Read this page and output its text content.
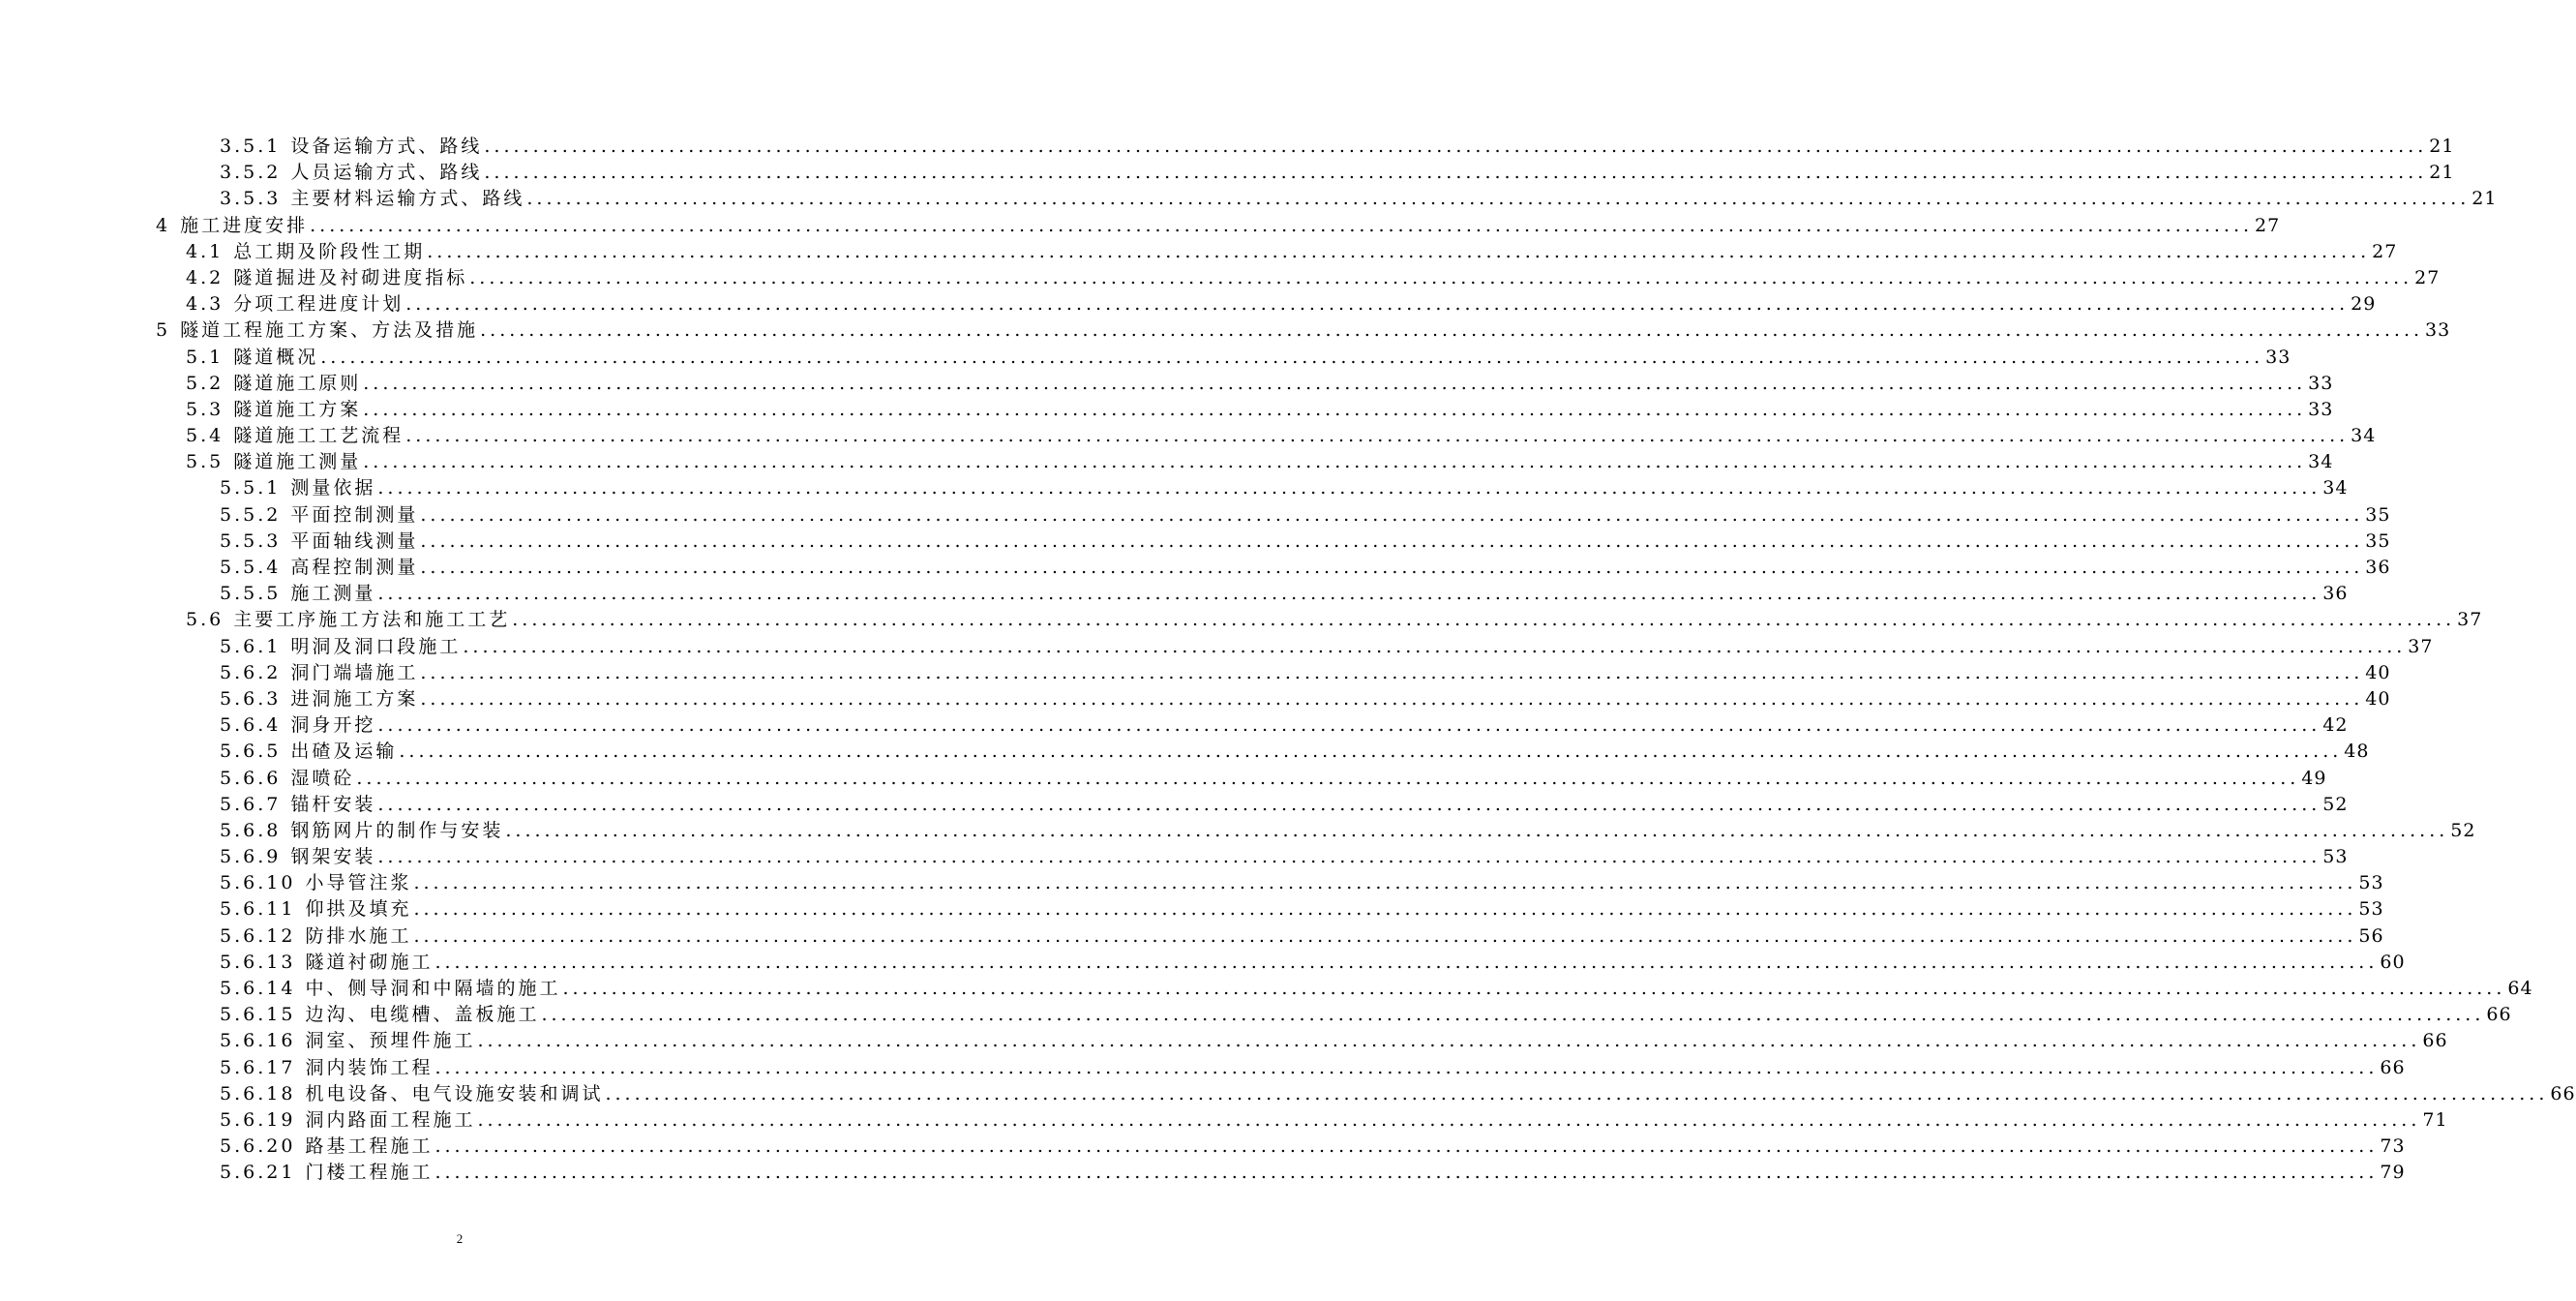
3.5.1 设备运输方式、路线 ........................................................................................................................................................................................................ 21
3.5.2 人员运输方式、路线 ........................................................................................................................................................................................................ 21
3.5.3 主要材料运输方式、路线 ........................................................................................................................................................................................................ 21
4 施工进度安排 ........................................................................................................................................................................................................ 27
4.1 总工期及阶段性工期 ........................................................................................................................................................................................................ 27
4.2 隧道掘进及衬砌进度指标 ........................................................................................................................................................................................................ 27
4.3 分项工程进度计划 ........................................................................................................................................................................................................ 29
5 隧道工程施工方案、方法及措施 ........................................................................................................................................................................................................ 33
5.1 隧道概况 ........................................................................................................................................................................................................ 33
5.2 隧道施工原则 ........................................................................................................................................................................................................ 33
5.3 隧道施工方案 ........................................................................................................................................................................................................ 33
5.4 隧道施工工艺流程 ........................................................................................................................................................................................................ 34
5.5 隧道施工测量 ........................................................................................................................................................................................................ 34
5.5.1 测量依据 ........................................................................................................................................................................................................ 34
5.5.2 平面控制测量 ........................................................................................................................................................................................................ 35
5.5.3 平面轴线测量 ........................................................................................................................................................................................................ 35
5.5.4 高程控制测量 ........................................................................................................................................................................................................ 36
5.5.5 施工测量 ........................................................................................................................................................................................................ 36
5.6 主要工序施工方法和施工工艺 ........................................................................................................................................................................................................ 37
5.6.1 明洞及洞口段施工 ........................................................................................................................................................................................................ 37
5.6.2 洞门端墙施工 ........................................................................................................................................................................................................ 40
5.6.3 进洞施工方案 ........................................................................................................................................................................................................ 40
5.6.4 洞身开挖 ........................................................................................................................................................................................................ 42
5.6.5 出碴及运输 ........................................................................................................................................................................................................ 48
5.6.6 湿喷砼 ........................................................................................................................................................................................................ 49
5.6.7 锚杆安装 ........................................................................................................................................................................................................ 52
5.6.8 钢筋网片的制作与安装 ........................................................................................................................................................................................................ 52
5.6.9 钢架安装 ........................................................................................................................................................................................................ 53
5.6.10 小导管注浆 ........................................................................................................................................................................................................ 53
5.6.11 仰拱及填充 ........................................................................................................................................................................................................ 53
5.6.12 防排水施工 ........................................................................................................................................................................................................ 56
5.6.13 隧道衬砌施工 ........................................................................................................................................................................................................ 60
5.6.14 中、侧导洞和中隔墙的施工 ........................................................................................................................................................................................................ 64
5.6.15 边沟、电缆槽、盖板施工 ........................................................................................................................................................................................................ 66
5.6.16 洞室、预埋件施工 ........................................................................................................................................................................................................ 66
5.6.17 洞内装饰工程 ........................................................................................................................................................................................................ 66
5.6.18 机电设备、电气设施安装和调试 ........................................................................................................................................................................................................ 66
5.6.19 洞内路面工程施工 ........................................................................................................................................................................................................ 71
5.6.20 路基工程施工 ........................................................................................................................................................................................................ 73
5.6.21 门楼工程施工 ........................................................................................................................................................................................................ 79
2
